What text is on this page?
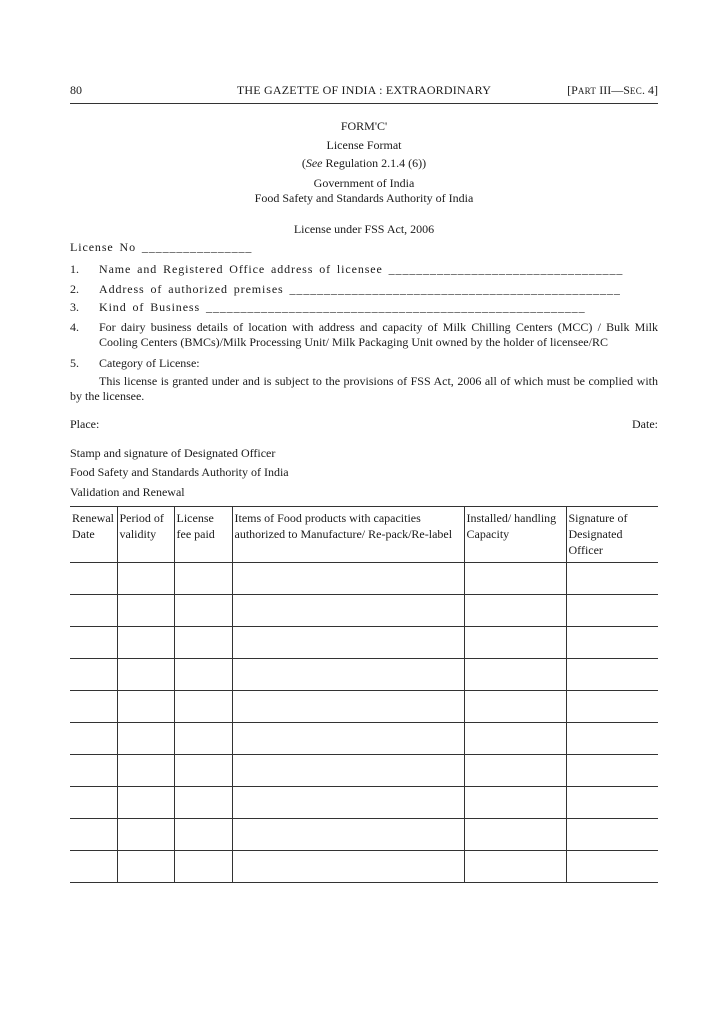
80	THE GAZETTE OF INDIA : EXTRAORDINARY	[PART III—SEC. 4]
FORM'C'
License Format
(See Regulation 2.1.4 (6))
Government of India
Food Safety and Standards Authority of India
License under FSS Act, 2006
License No ________________
1. Name and Registered Office address of licensee __________________________________
2. Address of authorized premises ________________________________________________
3. Kind of Business _______________________________________________________
4. For dairy business details of location with address and capacity of Milk Chilling Centers (MCC) / Bulk Milk Cooling Centers (BMCs)/Milk Processing Unit/ Milk Packaging Unit owned by the holder of licensee/RC
5. Category of License:
This license is granted under and is subject to the provisions of FSS Act, 2006 all of which must be complied with by the licensee.
Place:	Date:
Stamp and signature of Designated Officer
Food Safety and Standards Authority of India
Validation and Renewal
Renewal Date	Period of validity	License fee paid	Items of Food products with capacities authorized to Manufacture/ Re-pack/Re-label	Installed/ handling Capacity	Signature of Designated Officer
